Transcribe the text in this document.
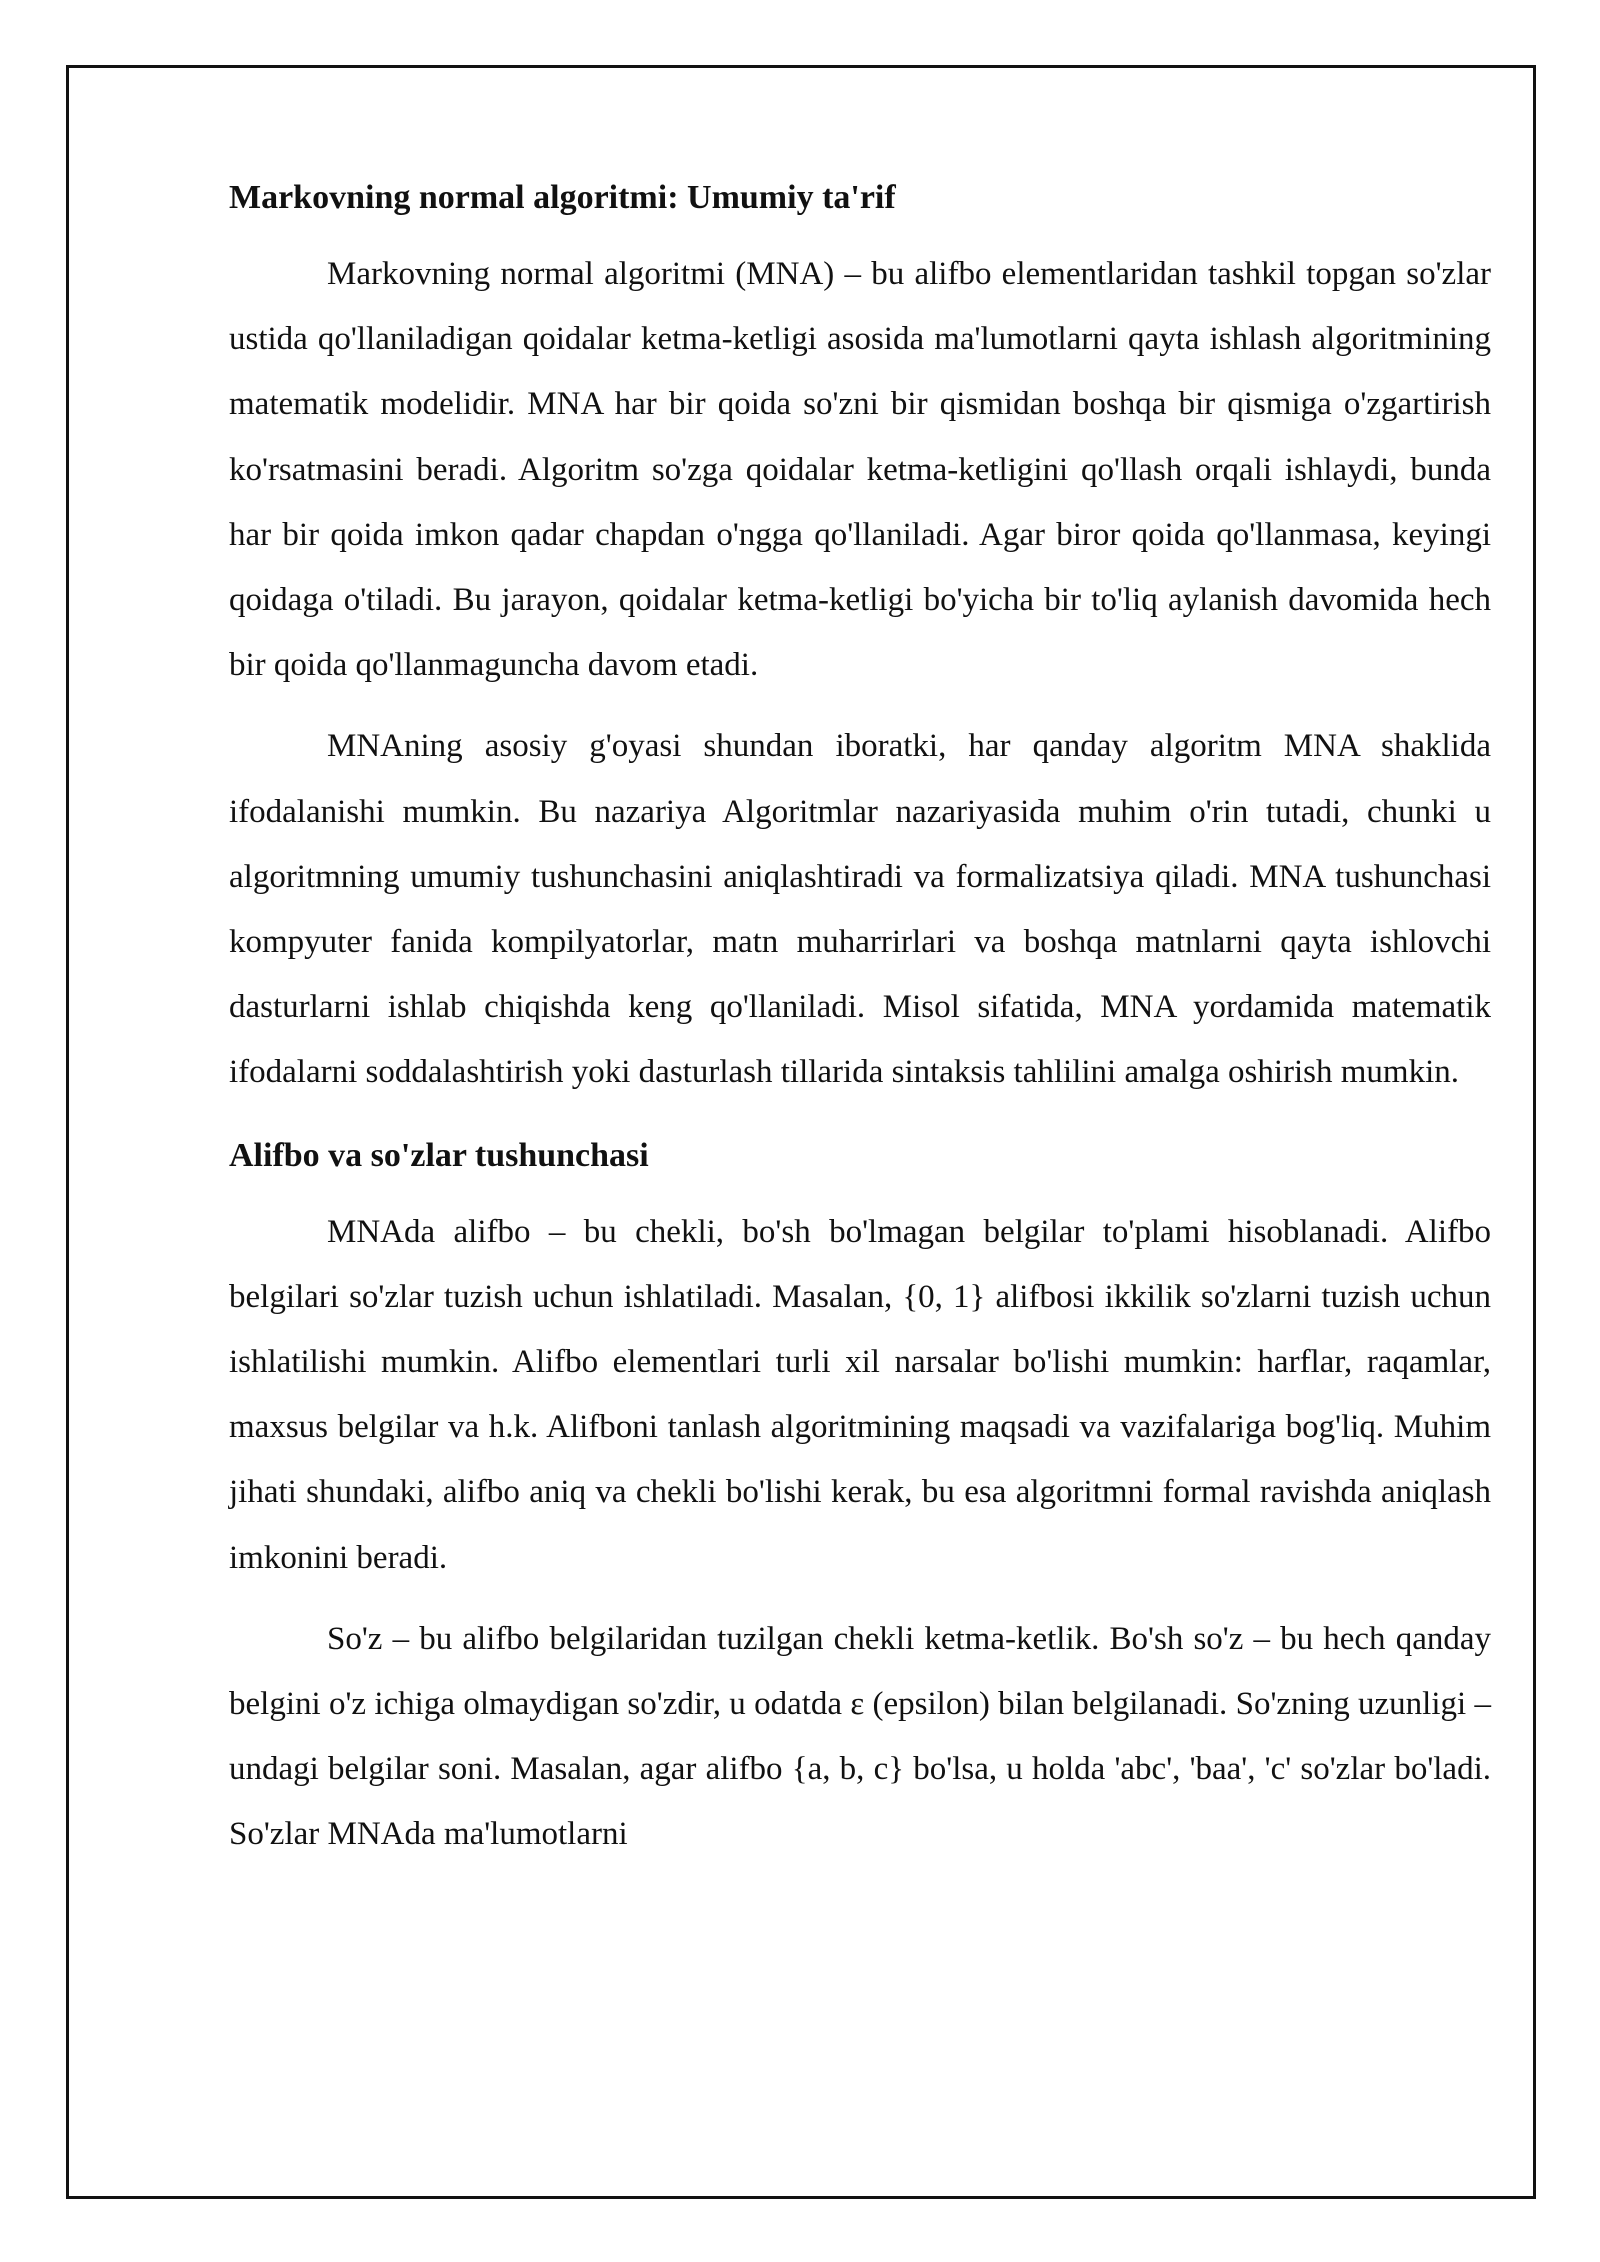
Markovning normal algoritmi: Umumiy ta'rif

Markovning normal algoritmi (MNA) – bu alifbo elementlaridan tashkil topgan so'zlar ustida qo'llaniladigan qoidalar ketma-ketligi asosida ma'lumotlarni qayta ishlash algoritmining matematik modelidir. MNA har bir qoida so'zni bir qismidan boshqa bir qismiga o'zgartirish ko'rsatmasini beradi. Algoritm so'zga qoidalar ketma-ketligini qo'llash orqali ishlaydi, bunda har bir qoida imkon qadar chapdan o'ngga qo'llaniladi. Agar biror qoida qo'llanmasa, keyingi qoidaga o'tiladi. Bu jarayon, qoidalar ketma-ketligi bo'yicha bir to'liq aylanish davomida hech bir qoida qo'llanmaguncha davom etadi.

MNAning asosiy g'oyasi shundan iboratki, har qanday algoritm MNA shaklida ifodalanishi mumkin. Bu nazariya Algoritmlar nazariyasida muhim o'rin tutadi, chunki u algoritmning umumiy tushunchasini aniqlashtiradi va formalizatsiya qiladi. MNA tushunchasi kompyuter fanida kompilyatorlar, matn muharrirlari va boshqa matnlarni qayta ishlovchi dasturlarni ishlab chiqishda keng qo'llaniladi. Misol sifatida, MNA yordamida matematik ifodalarni soddalashtirish yoki dasturlash tillarida sintaksis tahlilini amalga oshirish mumkin.

Alifbo va so'zlar tushunchasi

MNAda alifbo – bu chekli, bo'sh bo'lmagan belgilar to'plami hisoblanadi. Alifbo belgilari so'zlar tuzish uchun ishlatiladi. Masalan, {0, 1} alifbosi ikkilik so'zlarni tuzish uchun ishlatilishi mumkin. Alifbo elementlari turli xil narsalar bo'lishi mumkin: harflar, raqamlar, maxsus belgilar va h.k. Alifboni tanlash algoritmining maqsadi va vazifalariga bog'liq. Muhim jihati shundaki, alifbo aniq va chekli bo'lishi kerak, bu esa algoritmni formal ravishda aniqlash imkonini beradi.

So'z – bu alifbo belgilaridan tuzilgan chekli ketma-ketlik. Bo'sh so'z – bu hech qanday belgini o'z ichiga olmaydigan so'zdir, u odatda ε (epsilon) bilan belgilanadi. So'zning uzunligi – undagi belgilar soni. Masalan, agar alifbo {a, b, c} bo'lsa, u holda 'abc', 'baa', 'c' so'zlar bo'ladi. So'zlar MNAda ma'lumotlarni
